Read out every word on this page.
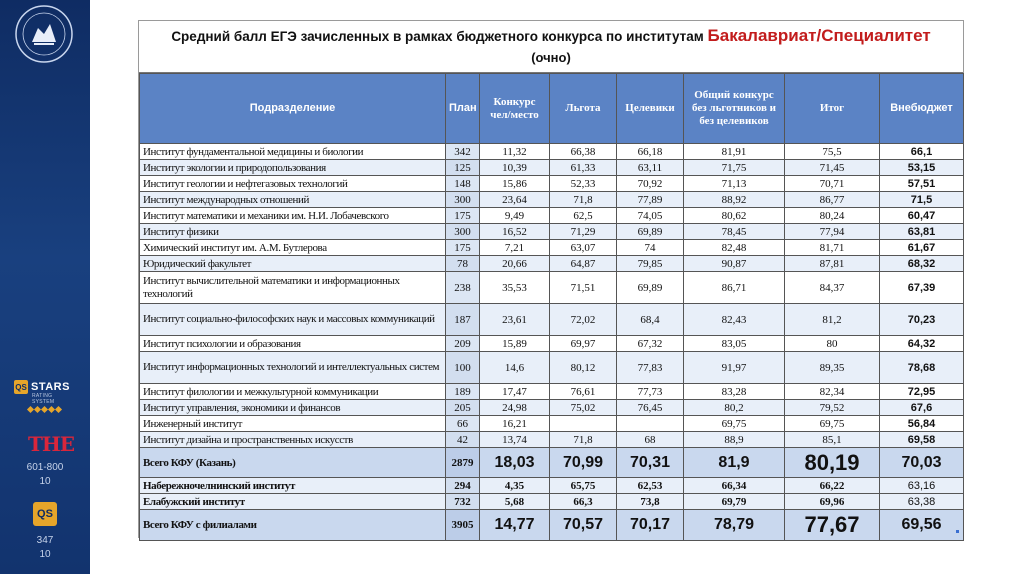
QS STARS
RATING SYSTEM
THE
601-800
10
QS
347
10
Средний балл ЕГЭ зачисленных в рамках бюджетного конкурса по институтам Бакалавриат/Специалитет
(очно)
Подразделение	План	Конкурс чел/место	Льгота	Целевики	Общий конкурс без льготников и без целевиков	Итог	Внебюджет
Институт фундаментальной медицины и биологии	342	11,32	66,38	66,18	81,91	75,5	66,1
Институт экологии и природопользования	125	10,39	61,33	63,11	71,75	71,45	53,15
Институт геологии и нефтегазовых технологий	148	15,86	52,33	70,92	71,13	70,71	57,51
Институт международных отношений	300	23,64	71,8	77,89	88,92	86,77	71,5
Институт математики и механики им. Н.И. Лобачевского	175	9,49	62,5	74,05	80,62	80,24	60,47
Институт физики	300	16,52	71,29	69,89	78,45	77,94	63,81
Химический институт им. А.М. Бутлерова	175	7,21	63,07	74	82,48	81,71	61,67
Юридический факультет	78	20,66	64,87	79,85	90,87	87,81	68,32
Институт вычислительной математики и информационных технологий	238	35,53	71,51	69,89	86,71	84,37	67,39
Институт социально-философских наук и массовых коммуникаций	187	23,61	72,02	68,4	82,43	81,2	70,23
Институт психологии и образования	209	15,89	69,97	67,32	83,05	80	64,32
Институт информационных технологий и интеллектуальных систем	100	14,6	80,12	77,83	91,97	89,35	78,68
Институт филологии и межкультурной коммуникации	189	17,47	76,61	77,73	83,28	82,34	72,95
Институт управления, экономики и финансов	205	24,98	75,02	76,45	80,2	79,52	67,6
Инженерный институт	66	16,21			69,75	69,75	56,84
Институт дизайна и пространственных искусств	42	13,74	71,8	68	88,9	85,1	69,58
Всего КФУ (Казань)	2879	18,03	70,99	70,31	81,9	80,19	70,03
Набережночелнинский институт	294	4,35	65,75	62,53	66,34	66,22	63,16
Елабужский институт	732	5,68	66,3	73,8	69,79	69,96	63,38
Всего КФУ с филиалами	3905	14,77	70,57	70,17	78,79	77,67	69,56
